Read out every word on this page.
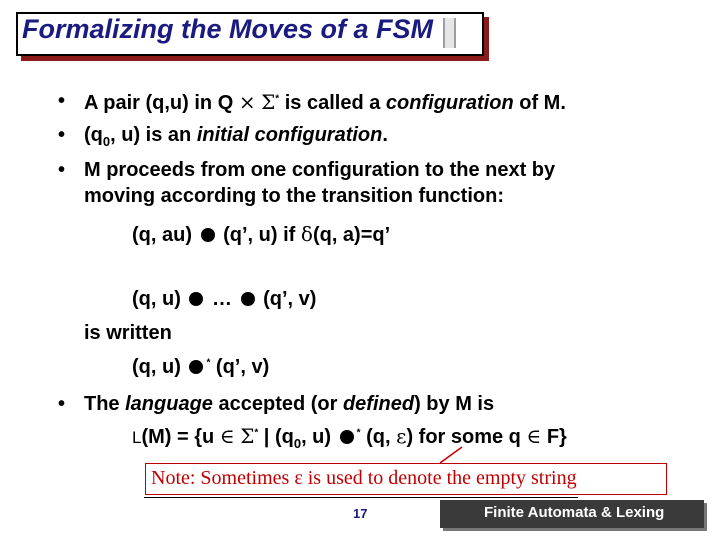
Formalizing the Moves of a FSM
• A pair (q,u) in Q × Σ* is called a configuration of M.
• ($q_0$, u) is an initial configuration.
• M proceeds from one configuration to the next by
moving according to the transition function:
(q, au) (q’, u) if δ(q, a)=q’
(q, u) … (q’, v)
is written
(q, u)	* (q’, v)
• The language accepted (or defined) by M is
L(M) = {u ∈ Σ* | ($q_0$, u) * (q, ε) for some q ∈ F}
Note: Sometimes ε is used to denote the empty string
17	Finite Automata & Lexing
